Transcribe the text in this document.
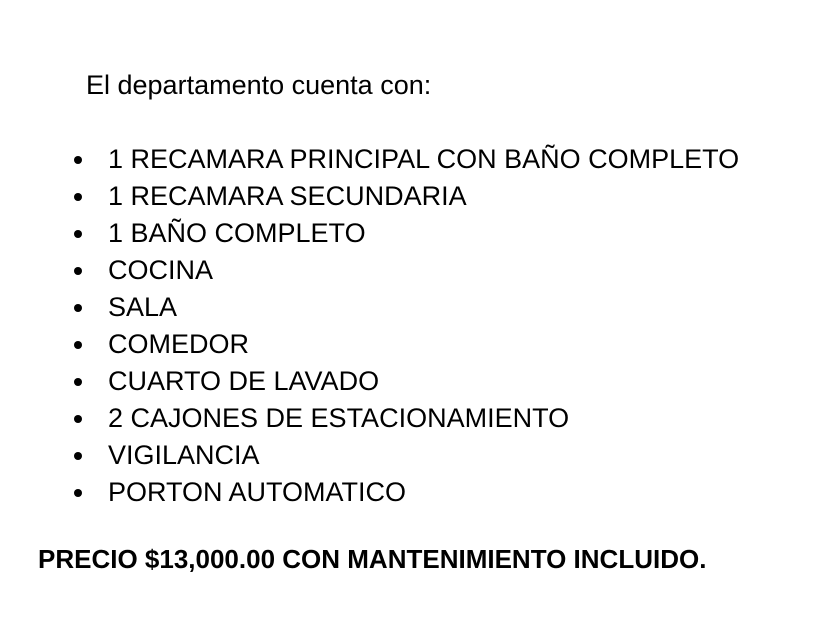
El departamento cuenta con:
1 RECAMARA PRINCIPAL CON BAÑO COMPLETO
1 RECAMARA SECUNDARIA
1 BAÑO COMPLETO
COCINA
SALA
COMEDOR
CUARTO DE LAVADO
2 CAJONES DE ESTACIONAMIENTO
VIGILANCIA
PORTON AUTOMATICO
PRECIO $13,000.00 CON MANTENIMIENTO INCLUIDO.
